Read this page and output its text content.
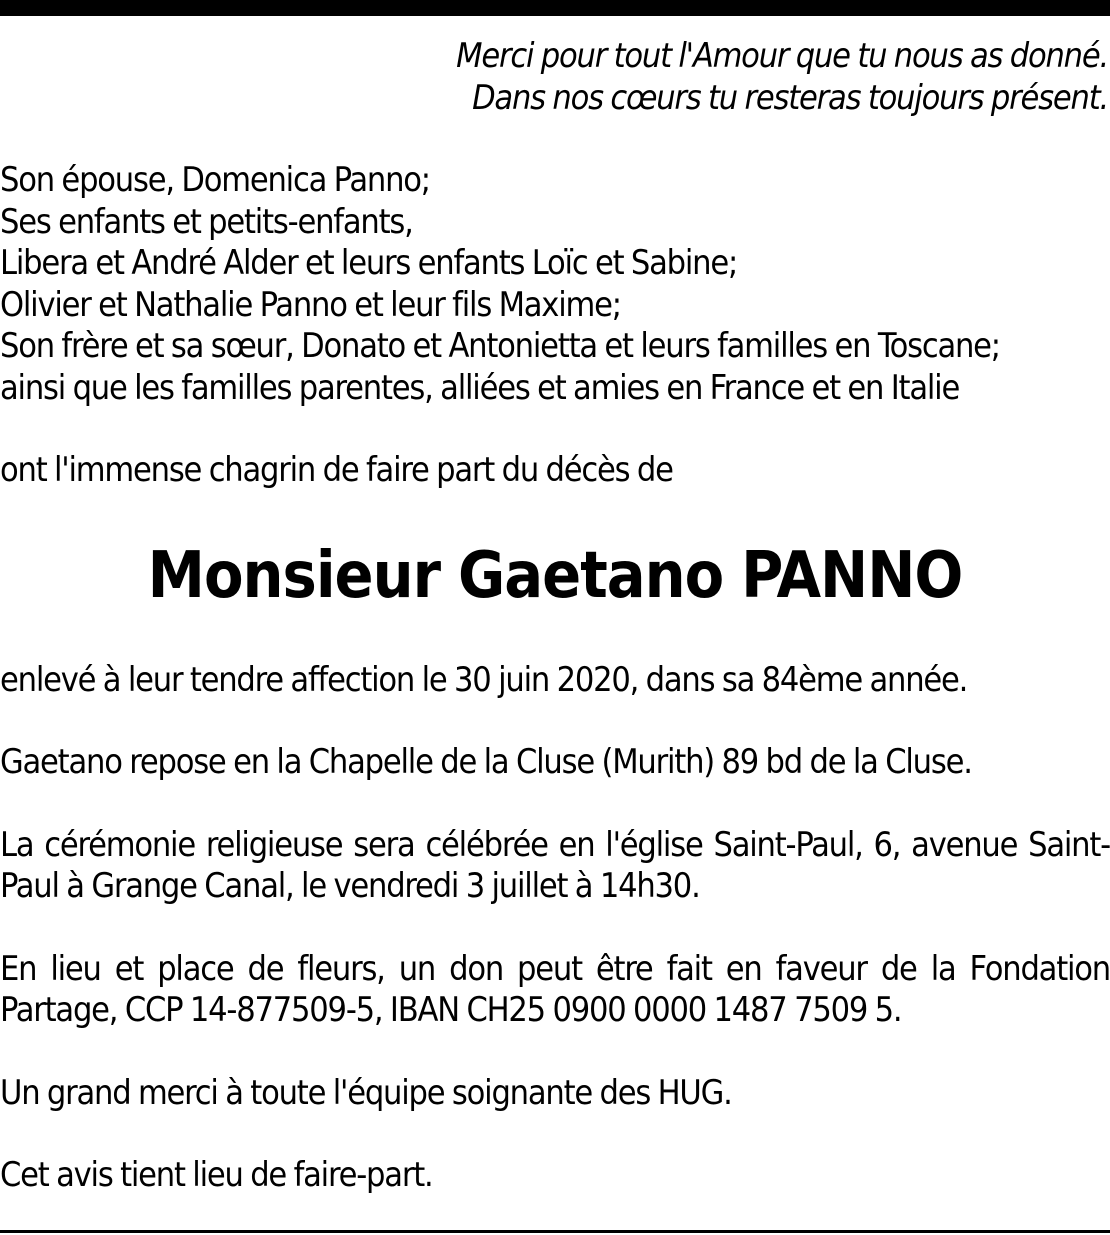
Merci pour tout l'Amour que tu nous as donné.
Dans nos cœurs tu resteras toujours présent.
Son épouse, Domenica Panno;
Ses enfants et petits-enfants,
Libera et André Alder et leurs enfants Loïc et Sabine;
Olivier et Nathalie Panno et leur fils Maxime;
Son frère et sa sœur, Donato et Antonietta et leurs familles en Toscane;
ainsi que les familles parentes, alliées et amies en France et en Italie

ont l'immense chagrin de faire part du décès de

Monsieur Gaetano PANNO

enlevé à leur tendre affection le 30 juin 2020, dans sa 84ème année.

Gaetano repose en la Chapelle de la Cluse (Murith) 89 bd de la Cluse.

La cérémonie religieuse sera célébrée en l'église Saint-Paul, 6, avenue Saint-Paul à Grange Canal, le vendredi 3 juillet à 14h30.

En lieu et place de fleurs, un don peut être fait en faveur de la Fondation Partage, CCP 14-877509-5, IBAN CH25 0900 0000 1487 7509 5.

Un grand merci à toute l'équipe soignante des HUG.

Cet avis tient lieu de faire-part.
